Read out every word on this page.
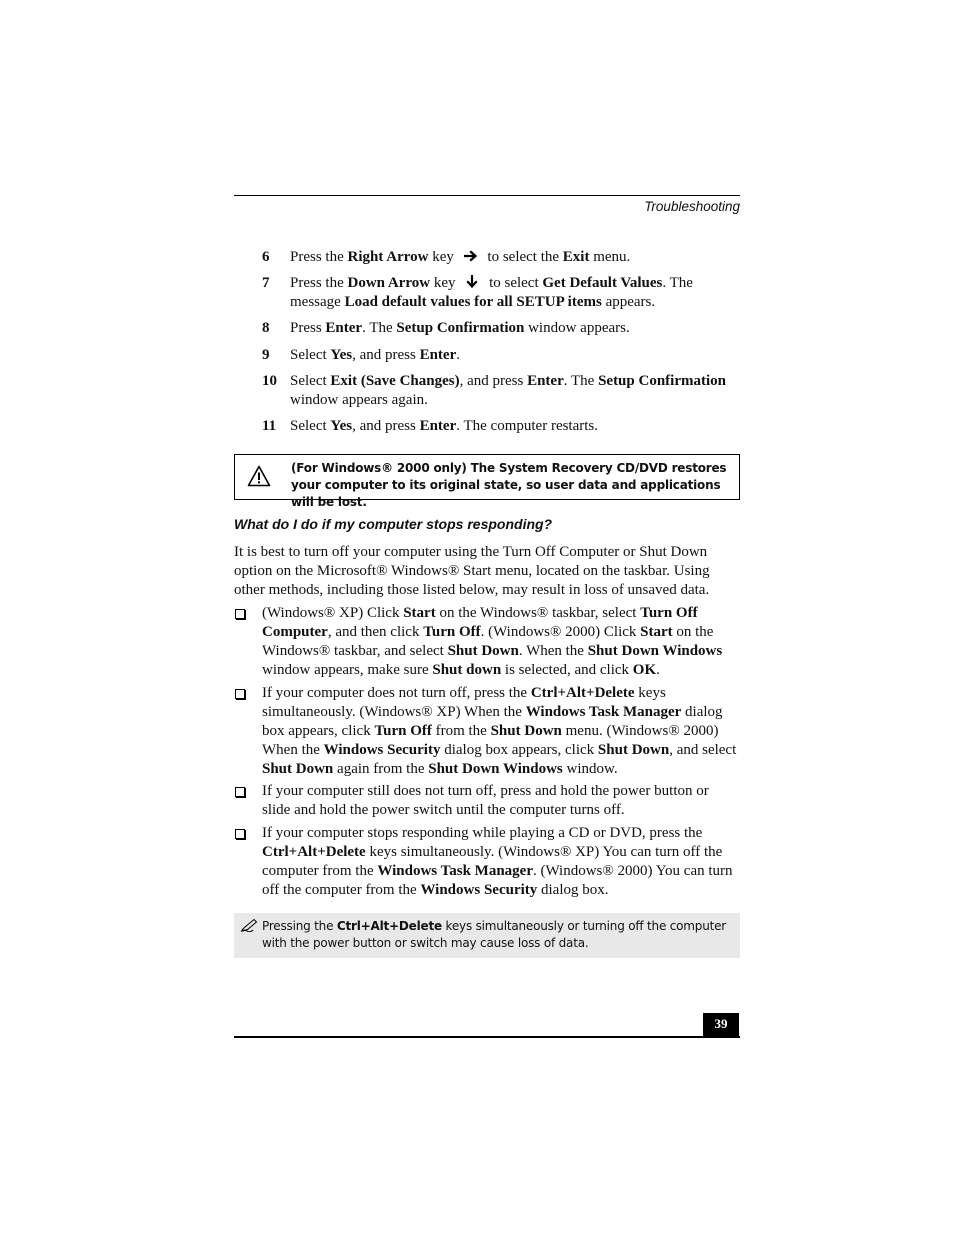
Troubleshooting
6 Press the Right Arrow key  to select the Exit menu.
7 Press the Down Arrow key  to select Get Default Values. The message Load default values for all SETUP items appears.
8 Press Enter. The Setup Confirmation window appears.
9 Select Yes, and press Enter.
10 Select Exit (Save Changes), and press Enter. The Setup Confirmation window appears again.
11 Select Yes, and press Enter. The computer restarts.
(For Windows® 2000 only) The System Recovery CD/DVD restores your computer to its original state, so user data and applications will be lost.
What do I do if my computer stops responding?
It is best to turn off your computer using the Turn Off Computer or Shut Down option on the Microsoft® Windows® Start menu, located on the taskbar. Using other methods, including those listed below, may result in loss of unsaved data.
(Windows® XP) Click Start on the Windows® taskbar, select Turn Off Computer, and then click Turn Off. (Windows® 2000) Click Start on the Windows® taskbar, and select Shut Down. When the Shut Down Windows window appears, make sure Shut down is selected, and click OK.
If your computer does not turn off, press the Ctrl+Alt+Delete keys simultaneously. (Windows® XP) When the Windows Task Manager dialog box appears, click Turn Off from the Shut Down menu. (Windows® 2000) When the Windows Security dialog box appears, click Shut Down, and select Shut Down again from the Shut Down Windows window.
If your computer still does not turn off, press and hold the power button or slide and hold the power switch until the computer turns off.
If your computer stops responding while playing a CD or DVD, press the Ctrl+Alt+Delete keys simultaneously. (Windows® XP) You can turn off the computer from the Windows Task Manager. (Windows® 2000) You can turn off the computer from the Windows Security dialog box.
Pressing the Ctrl+Alt+Delete keys simultaneously or turning off the computer with the power button or switch may cause loss of data.
39
